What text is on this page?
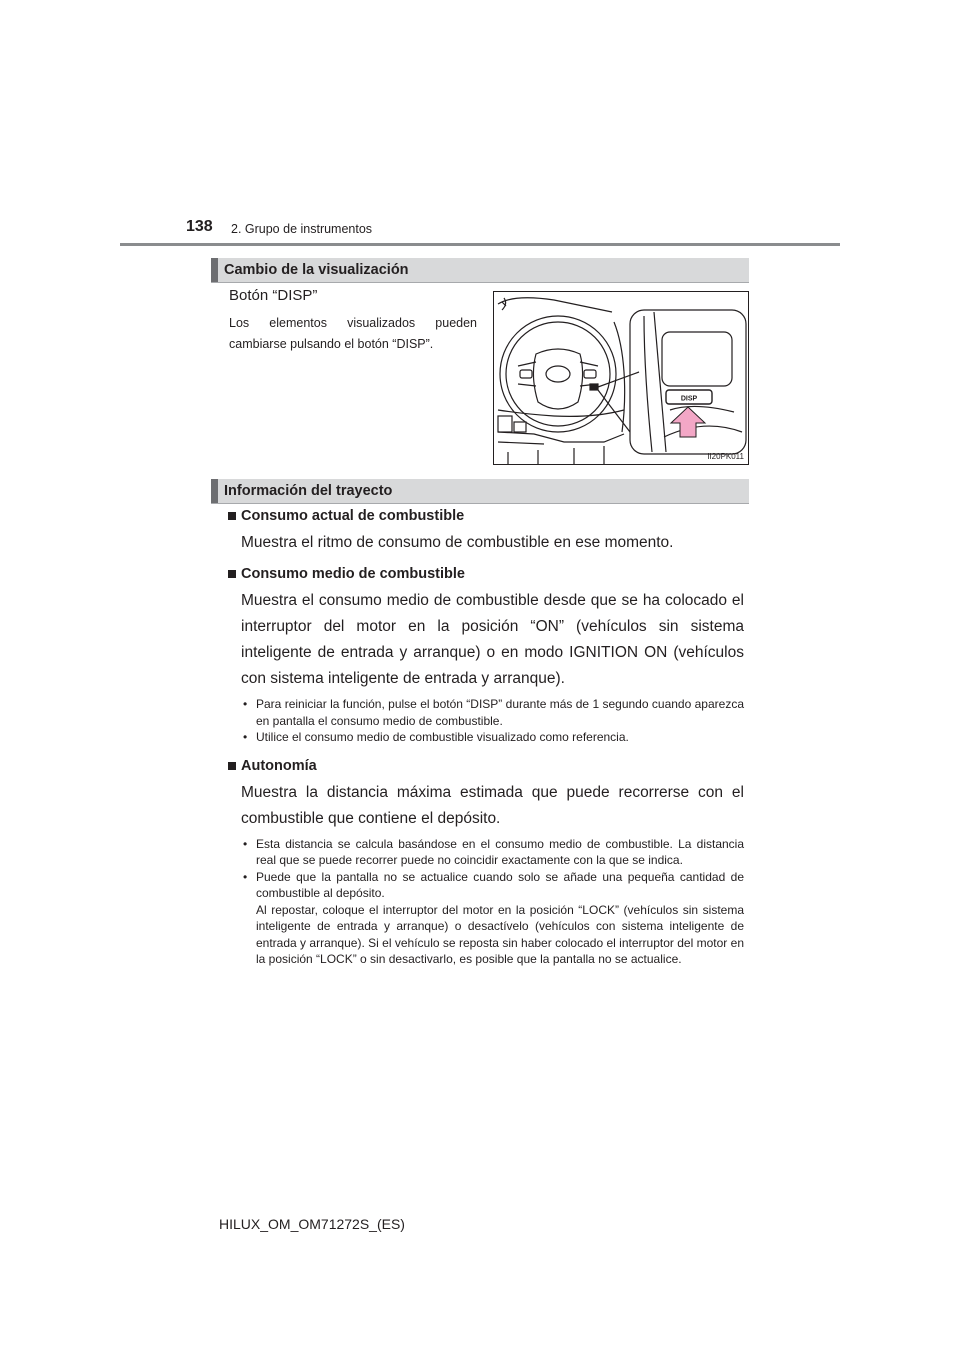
138 2. Grupo de instrumentos
Cambio de la visualización
Botón “DISP”
Los elementos visualizados pueden cambiarse pulsando el botón “DISP”.
DISP
II20PK011
Información del trayecto
Consumo actual de combustible
Muestra el ritmo de consumo de combustible en ese momento.
Consumo medio de combustible
Muestra el consumo medio de combustible desde que se ha colocado el interruptor del motor en la posición “ON” (vehículos sin sistema inteligente de entrada y arranque) o en modo IGNITION ON (vehículos con sistema inteligente de entrada y arranque).
• Para reiniciar la función, pulse el botón “DISP” durante más de 1 segundo cuando aparezca en pantalla el consumo medio de combustible.
• Utilice el consumo medio de combustible visualizado como referencia.
Autonomía
Muestra la distancia máxima estimada que puede recorrerse con el combustible que contiene el depósito.
• Esta distancia se calcula basándose en el consumo medio de combustible. La distancia real que se puede recorrer puede no coincidir exactamente con la que se indica.
• Puede que la pantalla no se actualice cuando solo se añade una pequeña cantidad de combustible al depósito.
Al repostar, coloque el interruptor del motor en la posición “LOCK” (vehículos sin sistema inteligente de entrada y arranque) o desactívelo (vehículos con sistema inteligente de entrada y arranque). Si el vehículo se reposta sin haber colocado el interruptor del motor en la posición “LOCK” o sin desactivarlo, es posible que la pantalla no se actualice.
HILUX_OM_OM71272S_(ES)
